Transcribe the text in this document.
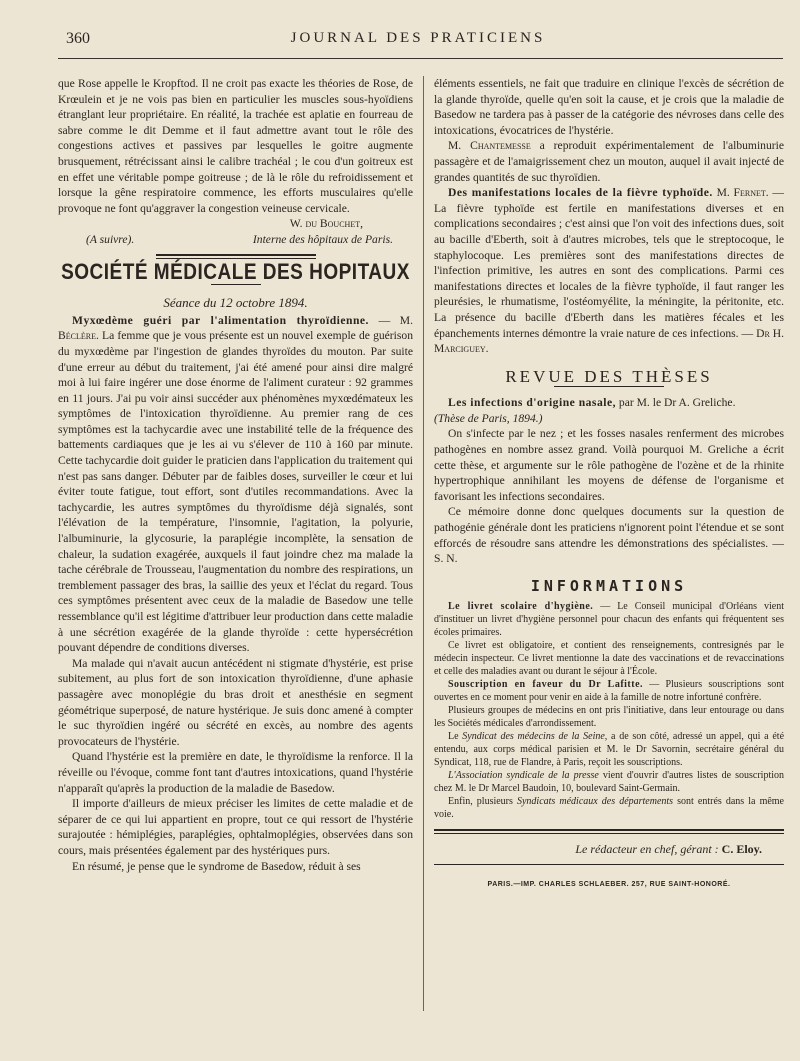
360	JOURNAL DES PRATICIENS

que Rose appelle le Kropftod. Il ne croit pas exacte les théories de Rose, de Krœulein et je ne vois pas bien en particulier les muscles sous-hyoïdiens étranglant leur propriétaire. En réalité, la trachée est aplatie en fourreau de sabre comme le dit Demme et il faut admettre avant tout le rôle des congestions actives et passives par lesquelles le goitre augmente brusquement, rétrécissant ainsi le calibre trachéal ; le cou d'un goitreux est en effet une véritable pompe goitreuse ; de là le rôle du refroidissement et lorsque la gêne respiratoire commence, les efforts musculaires qu'elle provoque ne font qu'aggraver la congestion veineuse cervicale.

W. du Bouchet,
(A suivre).	Interne des hôpitaux de Paris.
SOCIÉTÉ MÉDICALE DES HOPITAUX
Séance du 12 octobre 1894.

Myxœdème guéri par l'alimentation thyroïdienne. — M. Béclère. La femme que je vous présente est un nouvel exemple de guérison du myxœdème par l'ingestion de glandes thyroïdes du mouton. Par suite d'une erreur au début du traitement, j'ai été amené pour ainsi dire malgré moi à lui faire ingérer une dose énorme de l'aliment curateur : 92 grammes en 11 jours. J'ai pu voir ainsi succéder aux phénomènes myxœdémateux les symptômes de l'intoxication thyroïdienne. Au premier rang de ces symptômes est la tachycardie avec une instabilité telle de la fréquence des battements cardiaques que je les ai vu s'élever de 110 à 160 par minute. Cette tachycardie doit guider le praticien dans l'application du traitement qui n'est pas sans danger. Débuter par de faibles doses, surveiller le cœur et lui éviter toute fatigue, tout effort, sont d'utiles recommandations. Avec la tachycardie, les autres symptômes du thyroïdisme déjà signalés, sont l'élévation de la température, l'insomnie, l'agitation, la polyurie, l'albuminurie, la glycosurie, la paraplégie incomplète, la sensation de chaleur, la sudation exagérée, auxquels il faut joindre chez ma malade la tache cérébrale de Trousseau, l'augmentation du nombre des respirations, un tremblement passager des bras, la saillie des yeux et l'éclat du regard. Tous ces symptômes présentent avec ceux de la maladie de Basedow une telle ressemblance qu'il est légitime d'attribuer leur production dans cette maladie à une sécrétion exagérée de la glande thyroïde : cette hypersécrétion pouvant dépendre de conditions diverses.

Ma malade qui n'avait aucun antécédent ni stigmate d'hystérie, est prise subitement, au plus fort de son intoxication thyroïdienne, d'une aphasie passagère avec monoplégie du bras droit et anesthésie en segment géométrique superposé, de nature hystérique. Je suis donc amené à compter le suc thyroïdien ingéré ou sécrété en excès, au nombre des agents provocateurs de l'hystérie.

Quand l'hystérie est la première en date, le thyroïdisme la renforce. Il la réveille ou l'évoque, comme font tant d'autres intoxications, quand l'hystérie n'apparaît qu'après la production de la maladie de Basedow.

Il importe d'ailleurs de mieux préciser les limites de cette maladie et de séparer de ce qui lui appartient en propre, tout ce qui ressort de l'hystérie surajoutée : hémiplégies, paraplégies, ophtalmoplégies, observées dans son cours, mais présentées également par des hystériques purs.

En résumé, je pense que le syndrome de Basedow, réduit à ses

éléments essentiels, ne fait que traduire en clinique l'excès de sécrétion de la glande thyroïde, quelle qu'en soit la cause, et je crois que la maladie de Basedow ne tardera pas à passer de la catégorie des névroses dans celle des intoxications, évocatrices de l'hystérie.

M. Chantemesse a reproduit expérimentalement de l'albuminurie passagère et de l'amaigrissement chez un mouton, auquel il avait injecté de grandes quantités de suc thyroïdien.

Des manifestations locales de la fièvre typhoïde. M. Fernet. — La fièvre typhoïde est fertile en manifestations diverses et en complications secondaires ; c'est ainsi que l'on voit des infections dues, soit au bacille d'Eberth, soit à d'autres microbes, tels que le streptocoque, le staphylocoque. Les premières sont des manifestations directes de l'infection primitive, les autres en sont des complications. Parmi ces manifestations directes et locales de la fièvre typhoïde, il faut ranger les pleurésies, le rhumatisme, l'ostéomyélite, la méningite, la péritonite, etc. La présence du bacille d'Eberth dans les matières fécales et les épanchements internes démontre la vraie nature de ces infections. — Dr H. Marciguey.

REVUE DES THÈSES

Les infections d'origine nasale, par M. le Dr A. Greliche.

(Thèse de Paris, 1894.)

On s'infecte par le nez ; et les fosses nasales renferment des microbes pathogènes en nombre assez grand. Voilà pourquoi M. Greliche a écrit cette thèse, et argumente sur le rôle pathogène de l'ozène et de la rhinite hypertrophique annihilant les moyens de défense de l'organisme et favorisant les infections secondaires.

Ce mémoire donne donc quelques documents sur la question de pathogénie générale dont les praticiens n'ignorent point l'étendue et se sont efforcés de résoudre sans attendre les démonstrations des spécialistes. — S. N.

INFORMATIONS

Le livret scolaire d'hygiène. — Le Conseil municipal d'Orléans vient d'instituer un livret d'hygiène personnel pour chacun des enfants qui fréquentent ses écoles primaires.

Ce livret est obligatoire, et contient des renseignements, contresignés par le médecin inspecteur. Ce livret mentionne la date des vaccinations et de revaccinations et celle des maladies avant ou durant le séjour à l'École.

Souscription en faveur du Dr Lafitte. — Plusieurs souscriptions sont ouvertes en ce moment pour venir en aide à la famille de notre infortuné confrère.

Plusieurs groupes de médecins en ont pris l'initiative, dans leur entourage ou dans les Sociétés médicales d'arrondissement.

Le Syndicat des médecins de la Seine, a de son côté, adressé un appel, qui a été entendu, aux corps médical parisien et M. le Dr Savornin, secrétaire général du Syndicat, 118, rue de Flandre, à Paris, reçoit les souscriptions.

L'Association syndicale de la presse vient d'ouvrir d'autres listes de souscription chez M. le Dr Marcel Baudoin, 10, boulevard Saint-Germain.

Enfin, plusieurs Syndicats médicaux des départements sont entrés dans la même voie.

Le rédacteur en chef, gérant : C. Eloy.
PARIS.—IMP. CHARLES SCHLAEBER. 257, RUE SAINT-HONORÉ.
